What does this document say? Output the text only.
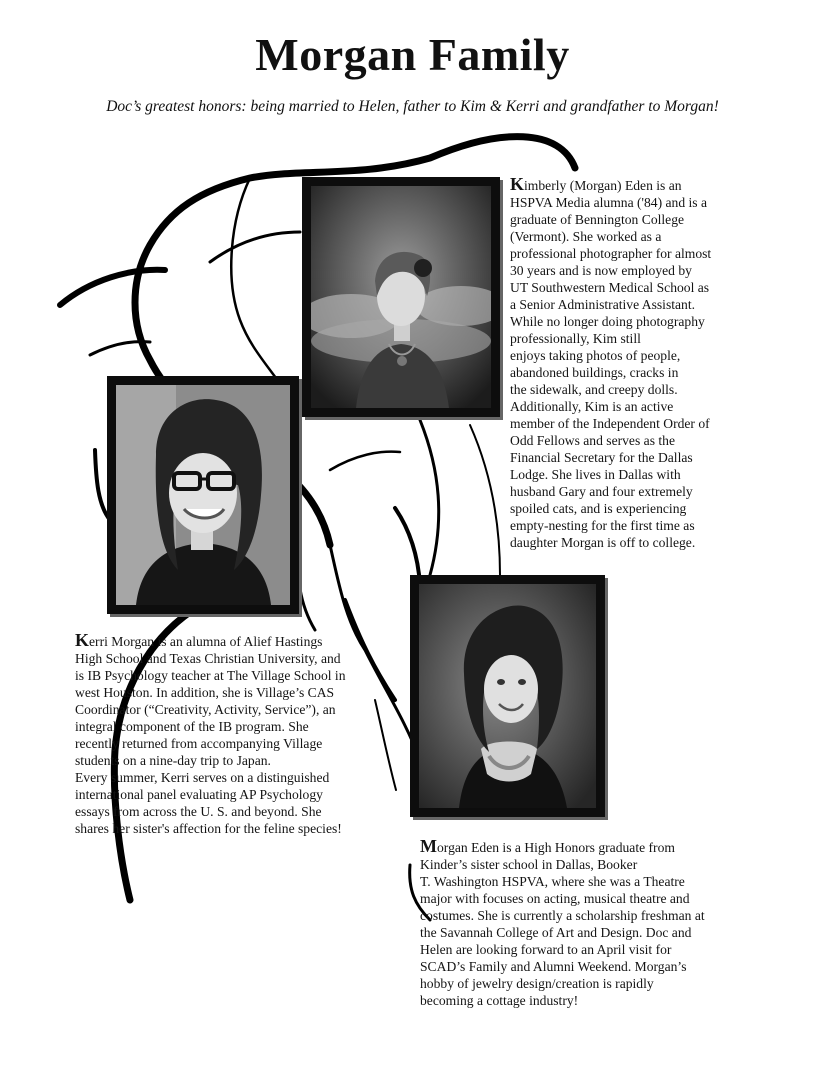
Morgan Family

Doc’s greatest honors: being married to Helen, father to Kim & Kerri and grandfather to Morgan!

Kimberly (Morgan) Eden is an
HSPVA Media alumna ('84) and is a
graduate of Bennington College
(Vermont). She worked as a
professional photographer for almost
30 years and is now employed by
UT Southwestern Medical School as
a Senior Administrative Assistant.
While no longer doing photography
professionally, Kim still
enjoys taking photos of people,
abandoned buildings, cracks in
the sidewalk, and creepy dolls.
Additionally, Kim is an active
member of the Independent Order of
Odd Fellows and serves as the
Financial Secretary for the Dallas
Lodge. She lives in Dallas with
husband Gary and four extremely
spoiled cats, and is experiencing
empty-nesting for the first time as
daughter Morgan is off to college.

Kerri Morgan is an alumna of Alief Hastings
High School and Texas Christian University, and
is IB Psychology teacher at The Village School in
west Houston. In addition, she is Village’s CAS
Coordinator (“Creativity, Activity, Service”), an
integral component of the IB program. She
recently returned from accompanying Village
students on a nine-day trip to Japan.
Every summer, Kerri serves on a distinguished
international panel evaluating AP Psychology
essays from across the U. S. and beyond. She
shares her sister's affection for the feline species!

Morgan Eden is a High Honors graduate from
Kinder’s sister school in Dallas, Booker
T. Washington HSPVA, where she was a Theatre
major with focuses on acting, musical theatre and
costumes. She is currently a scholarship freshman at
the Savannah College of Art and Design. Doc and
Helen are looking forward to an April visit for
SCAD’s Family and Alumni Weekend. Morgan’s
hobby of jewelry design/creation is rapidly
becoming a cottage industry!
